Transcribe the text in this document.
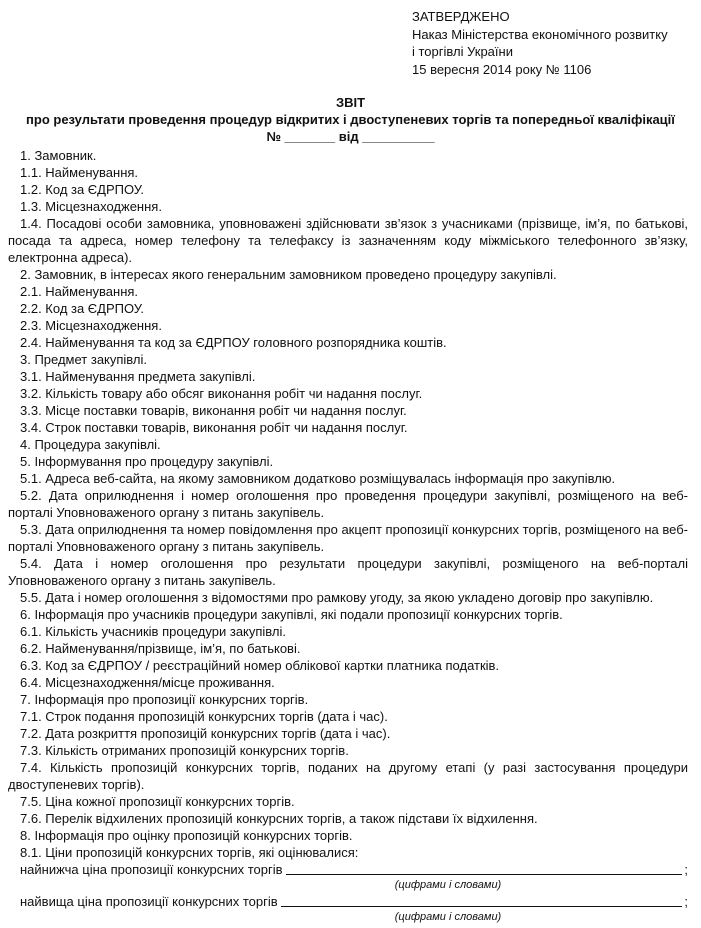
ЗАТВЕРДЖЕНО
Наказ Міністерства економічного розвитку
і торгівлі України
15 вересня 2014 року № 1106
ЗВІТ
про результати проведення процедур відкритих і двоступеневих торгів та попередньої кваліфікації
№ _______ від __________

1. Замовник.

1.1. Найменування.

1.2. Код за ЄДРПОУ.

1.3. Місцезнаходження.

1.4. Посадові особи замовника, уповноважені здійснювати зв’язок з учасниками (прізвище, ім’я, по батькові, посада та адреса, номер телефону та телефаксу із зазначенням коду міжміського телефонного зв’язку, електронна адреса).

2. Замовник, в інтересах якого генеральним замовником проведено процедуру закупівлі.

2.1. Найменування.

2.2. Код за ЄДРПОУ.

2.3. Місцезнаходження.

2.4. Найменування та код за ЄДРПОУ головного розпорядника коштів.

3. Предмет закупівлі.

3.1. Найменування предмета закупівлі.

3.2. Кількість товару або обсяг виконання робіт чи надання послуг.

3.3. Місце поставки товарів, виконання робіт чи надання послуг.

3.4. Строк поставки товарів, виконання робіт чи надання послуг.

4. Процедура закупівлі.

5. Інформування про процедуру закупівлі.

5.1. Адреса веб-сайта, на якому замовником додатково розміщувалась інформація про закупівлю.

5.2. Дата оприлюднення і номер оголошення про проведення процедури закупівлі, розміщеного на веб-порталі Уповноваженого органу з питань закупівель.

5.3. Дата оприлюднення та номер повідомлення про акцепт пропозиції конкурсних торгів, розміщеного на веб-порталі Уповноваженого органу з питань закупівель.

5.4. Дата і номер оголошення про результати процедури закупівлі, розміщеного на веб-порталі Уповноваженого органу з питань закупівель.

5.5. Дата і номер оголошення з відомостями про рамкову угоду, за якою укладено договір про закупівлю.

6. Інформація про учасників процедури закупівлі, які подали пропозиції конкурсних торгів.

6.1. Кількість учасників процедури закупівлі.

6.2. Найменування/прізвище, ім’я, по батькові.

6.3. Код за ЄДРПОУ / реєстраційний номер облікової картки платника податків.

6.4. Місцезнаходження/місце проживання.

7. Інформація про пропозиції конкурсних торгів.

7.1. Строк подання пропозицій конкурсних торгів (дата і час).

7.2. Дата розкриття пропозицій конкурсних торгів (дата і час).

7.3. Кількість отриманих пропозицій конкурсних торгів.

7.4. Кількість пропозицій конкурсних торгів, поданих на другому етапі (у разі застосування процедури двоступеневих торгів).

7.5. Ціна кожної пропозиції конкурсних торгів.

7.6. Перелік відхилених пропозицій конкурсних торгів, а також підстави їх відхилення.

8. Інформація про оцінку пропозицій конкурсних торгів.

8.1. Ціни пропозицій конкурсних торгів, які оцінювалися:

найнижча ціна пропозиції конкурсних торгів	;
(цифрами і словами)
найвища ціна пропозиції конкурсних торгів	;
(цифрами і словами)
